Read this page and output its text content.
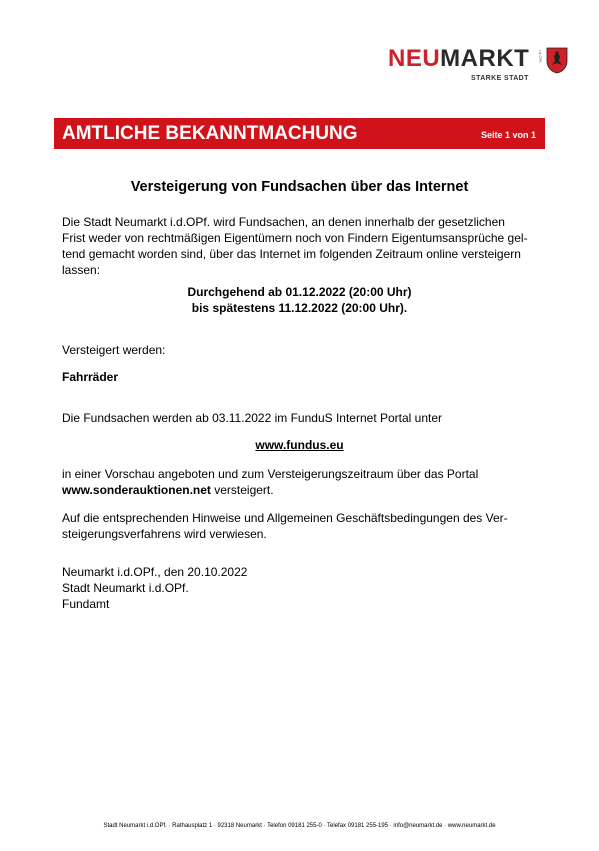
NEUMARKT i.d.OPf.
STARKE STADT
AMTLICHE BEKANNTMACHUNG	Seite 1 von 1
Versteigerung von Fundsachen über das Internet
Die Stadt Neumarkt i.d.OPf. wird Fundsachen, an denen innerhalb der gesetzlichen
Frist weder von rechtmäßigen Eigentümern noch von Findern Eigentumsansprüche gel-
tend gemacht worden sind, über das Internet im folgenden Zeitraum online versteigern
lassen:
Durchgehend ab 01.12.2022 (20:00 Uhr)
bis spätestens 11.12.2022 (20:00 Uhr).
Versteigert werden:
Fahrräder
Die Fundsachen werden ab 03.11.2022 im FunduS Internet Portal unter
www.fundus.eu
in einer Vorschau angeboten und zum Versteigerungszeitraum über das Portal
www.sonderauktionen.net versteigert.
Auf die entsprechenden Hinweise und Allgemeinen Geschäftsbedingungen des Ver-
steigerungsverfahrens wird verwiesen.
Neumarkt i.d.OPf., den 20.10.2022
Stadt Neumarkt i.d.OPf.
Fundamt
Stadt Neumarkt i.d.OPf. · Rathausplatz 1 · 92318 Neumarkt · Telefon 09181 255-0 · Telefax 09181 255-195 · info@neumarkt.de · www.neumarkt.de
